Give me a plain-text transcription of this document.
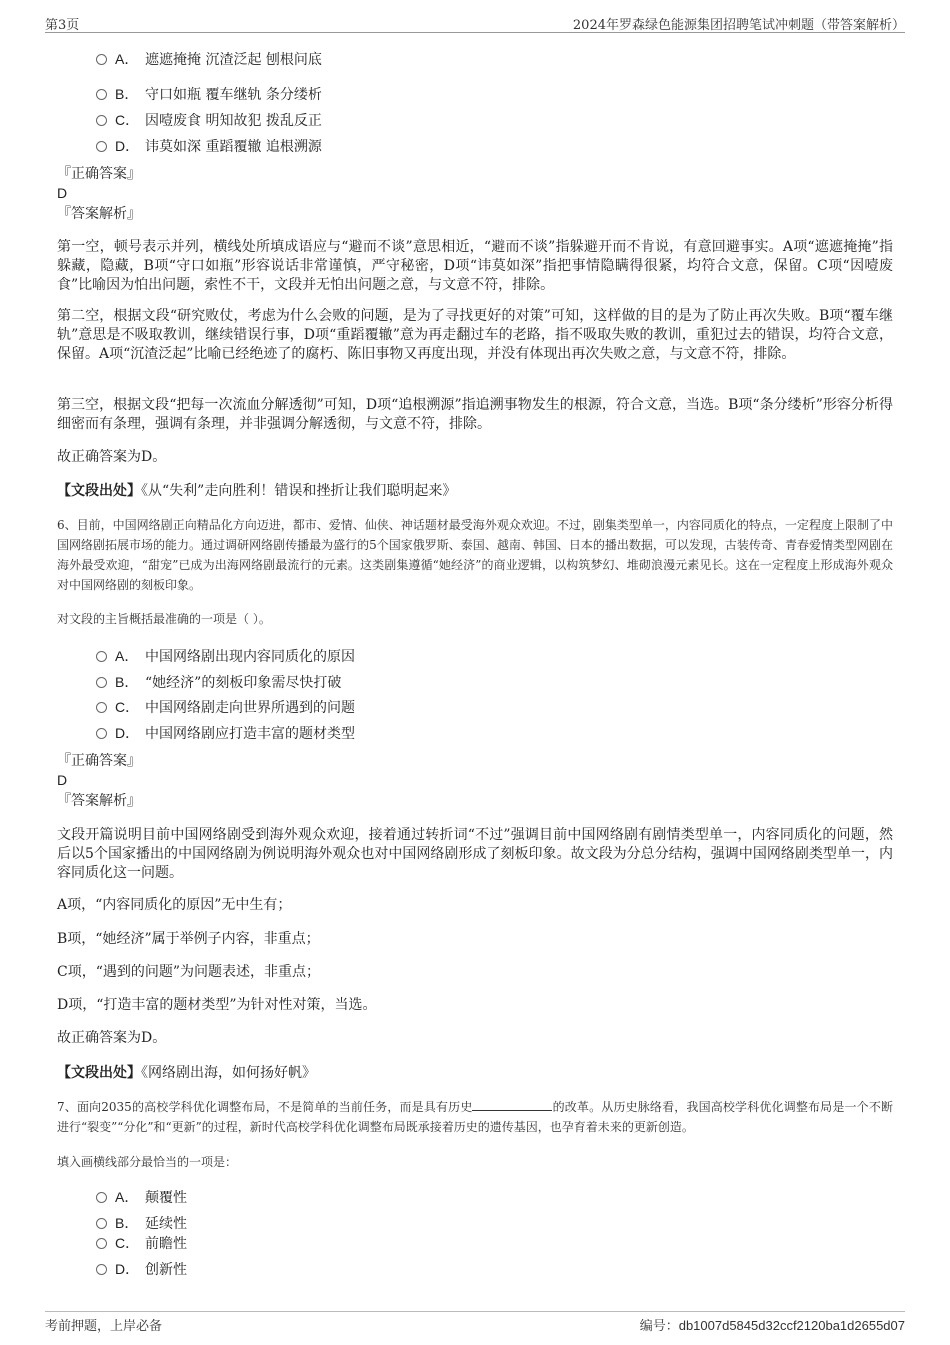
第3页	2024年罗森绿色能源集团招聘笔试冲刺题（带答案解析）
A． 遮遮掩掩 沉渣泛起 刨根问底
B． 守口如瓶 覆车继轨 条分缕析
C． 因噎废食 明知故犯 拨乱反正
D． 讳莫如深 重蹈覆辙 追根溯源
『正确答案』
D
『答案解析』
第一空，顿号表示并列，横线处所填成语应与“避而不谈”意思相近，“避而不谈”指躲避开而不肯说，有意回避事实。A项“遮遮掩掩”指躲藏，隐藏，B项“守口如瓶”形容说话非常谨慎，严守秘密，D项“讳莫如深”指把事情隐瞒得很紧，均符合文意，保留。C项“因噎废食”比喻因为怕出问题，索性不干，文段并无怕出问题之意，与文意不符，排除。
第二空，根据文段“研究败仗，考虑为什么会败的问题，是为了寻找更好的对策”可知，这样做的目的是为了防止再次失败。B项“覆车继轨”意思是不吸取教训，继续错误行事，D项“重蹈覆辙”意为再走翻过车的老路，指不吸取失败的教训，重犯过去的错误，均符合文意，保留。A项“沉渣泛起”比喻已经绝迹了的腐朽、陈旧事物又再度出现，并没有体现出再次失败之意，与文意不符，排除。
第三空，根据文段“把每一次流血分解透彻”可知，D项“追根溯源”指追溯事物发生的根源，符合文意，当选。B项“条分缕析”形容分析得细密而有条理，强调有条理，并非强调分解透彻，与文意不符，排除。
故正确答案为D。
【文段出处】《从“失利”走向胜利！错误和挫折让我们聪明起来》
6、目前，中国网络剧正向精品化方向迈进，都市、爱情、仙侠、神话题材最受海外观众欢迎。不过，剧集类型单一，内容同质化的特点，一定程度上限制了中国网络剧拓展市场的能力。通过调研网络剧传播最为盛行的5个国家俄罗斯、泰国、越南、韩国、日本的播出数据，可以发现，古装传奇、青春爱情类型网剧在海外最受欢迎，“甜宠”已成为出海网络剧最流行的元素。这类剧集遵循“她经济”的商业逻辑，以构筑梦幻、堆砌浪漫元素见长。这在一定程度上形成海外观众对中国网络剧的刻板印象。
对文段的主旨概括最准确的一项是（ ）。
A． 中国网络剧出现内容同质化的原因
B． “她经济”的刻板印象需尽快打破
C． 中国网络剧走向世界所遇到的问题
D． 中国网络剧应打造丰富的题材类型
『正确答案』
D
『答案解析』
文段开篇说明目前中国网络剧受到海外观众欢迎，接着通过转折词“不过”强调目前中国网络剧有剧情类型单一，内容同质化的问题，然后以5个国家播出的中国网络剧为例说明海外观众也对中国网络剧形成了刻板印象。故文段为分总分结构，强调中国网络剧类型单一，内容同质化这一问题。
A项，“内容同质化的原因”无中生有；
B项，“她经济”属于举例子内容，非重点；
C项，“遇到的问题”为问题表述，非重点；
D项，“打造丰富的题材类型”为针对性对策，当选。
故正确答案为D。
【文段出处】《网络剧出海，如何扬好帆》
7、面向2035的高校学科优化调整布局，不是简单的当前任务，而是具有历史	的改革。从历史脉络看，我国高校学科优化调整布局是一个不断进行“裂变”“分化”和“更新”的过程，新时代高校学科优化调整布局既承接着历史的遗传基因，也孕育着未来的更新创造。
填入画横线部分最恰当的一项是：
A． 颠覆性
B． 延续性
C． 前瞻性
D． 创新性
考前押题，上岸必备	编号：db1007d5845d32ccf2120ba1d2655d07
